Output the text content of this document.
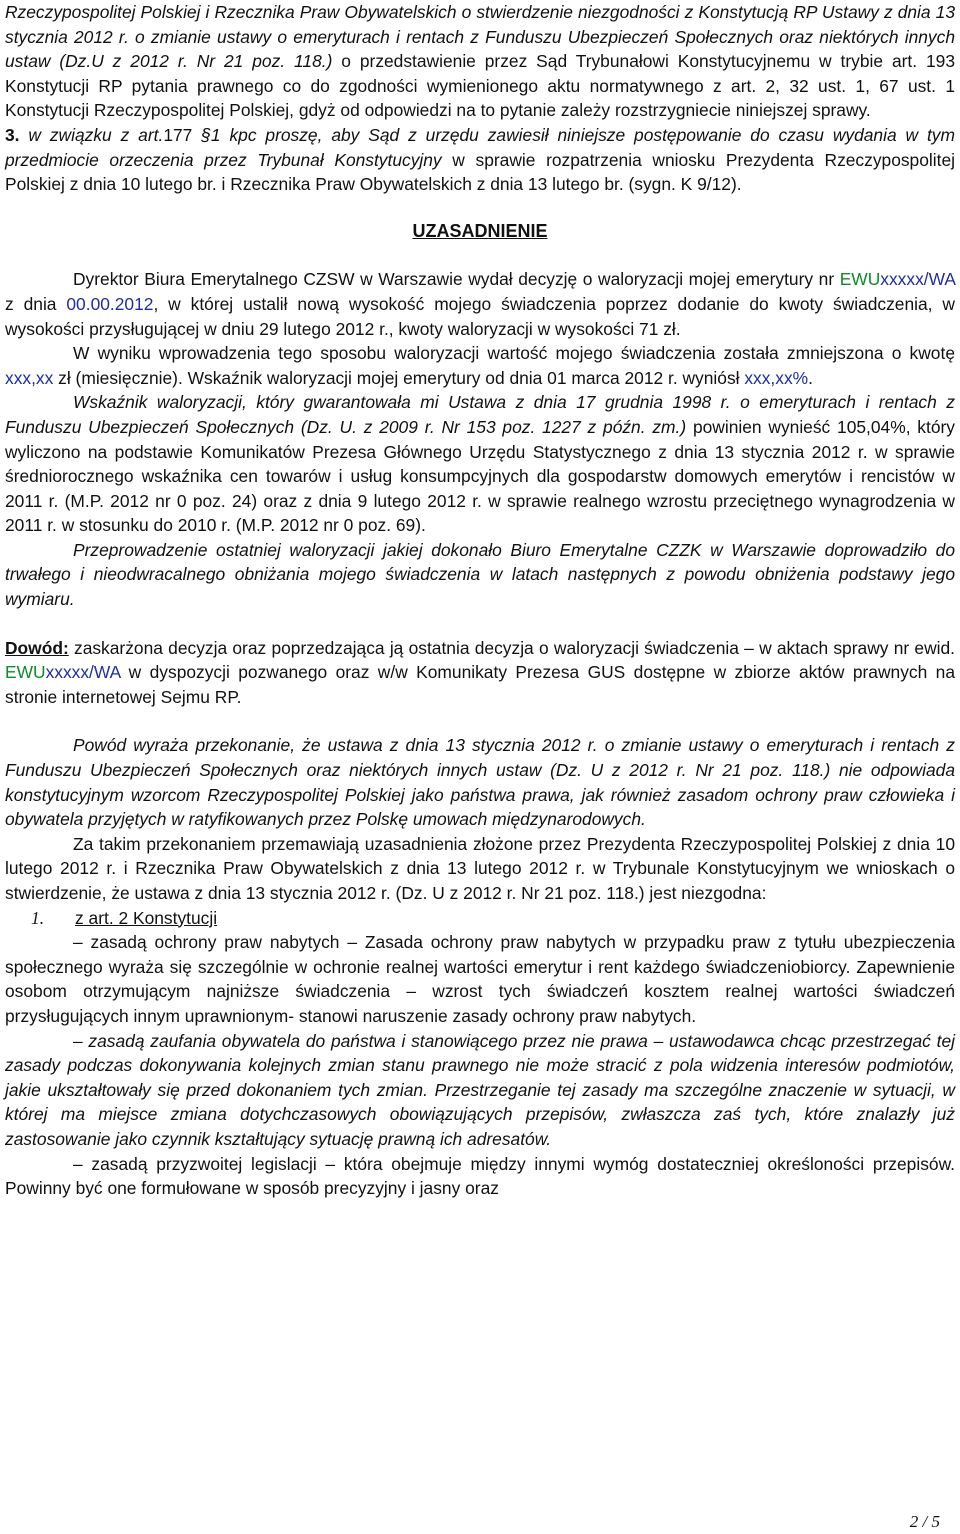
Rzeczypospolitej Polskiej i Rzecznika Praw Obywatelskich o stwierdzenie niezgodności z Konstytucją RP Ustawy z dnia 13 stycznia 2012 r. o zmianie ustawy o emeryturach i rentach z Funduszu Ubezpieczeń Społecznych oraz niektórych innych ustaw (Dz.U z 2012 r. Nr 21 poz. 118.) o przedstawienie przez Sąd Trybunałowi Konstytucyjnemu w trybie art. 193 Konstytucji RP pytania prawnego co do zgodności wymienionego aktu normatywnego z art. 2, 32 ust. 1, 67 ust. 1 Konstytucji Rzeczypospolitej Polskiej, gdyż od odpowiedzi na to pytanie zależy rozstrzygniecie niniejszej sprawy.

3. w związku z art.177 §1 kpc proszę, aby Sąd z urzędu zawiesił niniejsze postępowanie do czasu wydania w tym przedmiocie orzeczenia przez Trybunał Konstytucyjny w sprawie rozpatrzenia wniosku Prezydenta Rzeczypospolitej Polskiej z dnia 10 lutego br. i Rzecznika Praw Obywatelskich z dnia 13 lutego br. (sygn. K 9/12).

UZASADNIENIE

Dyrektor Biura Emerytalnego CZSW w Warszawie wydał decyzję o waloryzacji mojej emerytury nr EWUxxxxx/WA z dnia 00.00.2012, w której ustalił nową wysokość mojego świadczenia poprzez dodanie do kwoty świadczenia, w wysokości przysługującej w dniu 29 lutego 2012 r., kwoty waloryzacji w wysokości 71 zł.

W wyniku wprowadzenia tego sposobu waloryzacji wartość mojego świadczenia została zmniejszona o kwotę xxx,xx zł (miesięcznie). Wskaźnik waloryzacji mojej emerytury od dnia 01 marca 2012 r. wyniósł xxx,xx%.

Wskaźnik waloryzacji, który gwarantowała mi Ustawa z dnia 17 grudnia 1998 r. o emeryturach i rentach z Funduszu Ubezpieczeń Społecznych (Dz. U. z 2009 r. Nr 153 poz. 1227 z późn. zm.) powinien wynieść 105,04%, który wyliczono na podstawie Komunikatów Prezesa Głównego Urzędu Statystycznego z dnia 13 stycznia 2012 r. w sprawie średniorocznego wskaźnika cen towarów i usług konsumpcyjnych dla gospodarstw domowych emerytów i rencistów w 2011 r. (M.P. 2012 nr 0 poz. 24) oraz z dnia 9 lutego 2012 r. w sprawie realnego wzrostu przeciętnego wynagrodzenia w 2011 r. w stosunku do 2010 r. (M.P. 2012 nr 0 poz. 69).

Przeprowadzenie ostatniej waloryzacji jakiej dokonało Biuro Emerytalne CZZK w Warszawie doprowadziło do trwałego i nieodwracalnego obniżania mojego świadczenia w latach następnych z powodu obniżenia podstawy jego wymiaru.

Dowód: zaskarżona decyzja oraz poprzedzająca ją ostatnia decyzja o waloryzacji świadczenia – w aktach sprawy nr ewid. EWUxxxxx/WA w dyspozycji pozwanego oraz w/w Komunikaty Prezesa GUS dostępne w zbiorze aktów prawnych na stronie internetowej Sejmu RP.

Powód wyraża przekonanie, że ustawa z dnia 13 stycznia 2012 r. o zmianie ustawy o emeryturach i rentach z Funduszu Ubezpieczeń Społecznych oraz niektórych innych ustaw (Dz. U z 2012 r. Nr 21 poz. 118.) nie odpowiada konstytucyjnym wzorcom Rzeczypospolitej Polskiej jako państwa prawa, jak również zasadom ochrony praw człowieka i obywatela przyjętych w ratyfikowanych przez Polskę umowach międzynarodowych.

Za takim przekonaniem przemawiają uzasadnienia złożone przez Prezydenta Rzeczypospolitej Polskiej z dnia 10 lutego 2012 r. i Rzecznika Praw Obywatelskich z dnia 13 lutego 2012 r. w Trybunale Konstytucyjnym we wnioskach o stwierdzenie, że ustawa z dnia 13 stycznia 2012 r. (Dz. U z 2012 r. Nr 21 poz. 118.) jest niezgodna:

1. z art. 2 Konstytucji

– zasadą ochrony praw nabytych – Zasada ochrony praw nabytych w przypadku praw z tytułu ubezpieczenia społecznego wyraża się szczególnie w ochronie realnej wartości emerytur i rent każdego świadczeniobiorcy. Zapewnienie osobom otrzymującym najniższe świadczenia – wzrost tych świadczeń kosztem realnej wartości świadczeń przysługujących innym uprawnionym- stanowi naruszenie zasady ochrony praw nabytych.

– zasadą zaufania obywatela do państwa i stanowiącego przez nie prawa – ustawodawca chcąc przestrzegać tej zasady podczas dokonywania kolejnych zmian stanu prawnego nie może stracić z pola widzenia interesów podmiotów, jakie ukształtowały się przed dokonaniem tych zmian. Przestrzeganie tej zasady ma szczególne znaczenie w sytuacji, w której ma miejsce zmiana dotychczasowych obowiązujących przepisów, zwłaszcza zaś tych, które znalazły już zastosowanie jako czynnik kształtujący sytuację prawną ich adresatów.

– zasadą przyzwoitej legislacji – która obejmuje między innymi wymóg dostateczniej określoności przepisów. Powinny być one formułowane w sposób precyzyjny i jasny oraz

2 / 5
